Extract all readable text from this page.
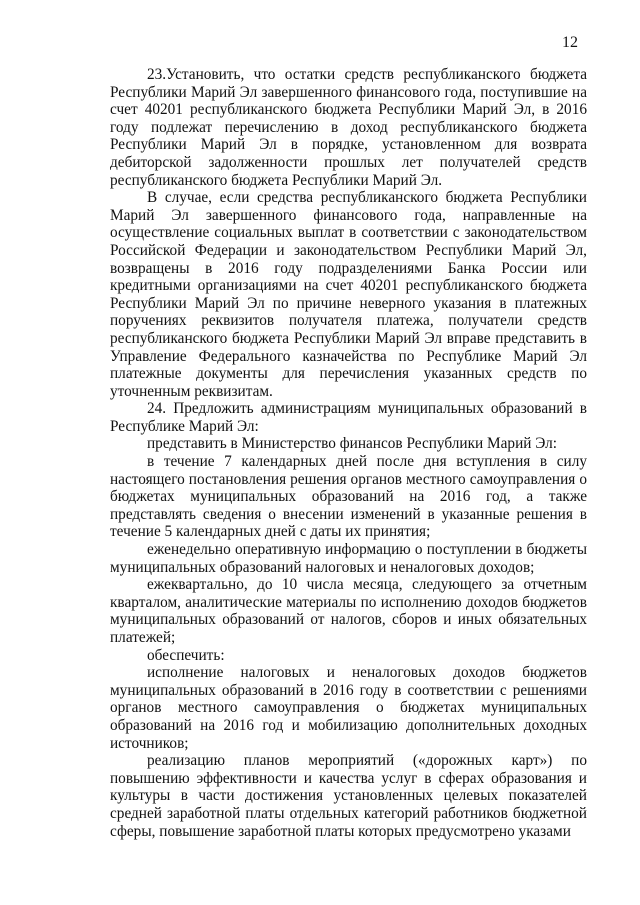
12

23.Установить, что остатки средств республиканского бюджета Республики Марий Эл завершенного финансового года, поступившие на счет 40201 республиканского бюджета Республики Марий Эл, в 2016 году подлежат перечислению в доход республиканского бюджета Республики Марий Эл в порядке, установленном для возврата дебиторской задолженности прошлых лет получателей средств республиканского бюджета Республики Марий Эл.

В случае, если средства республиканского бюджета Республики Марий Эл завершенного финансового года, направленные на осуществление социальных выплат в соответствии с законодательством Российской Федерации и законодательством Республики Марий Эл, возвращены в 2016 году подразделениями Банка России или кредитными организациями на счет 40201 республиканского бюджета Республики Марий Эл по причине неверного указания в платежных поручениях реквизитов получателя платежа, получатели средств республиканского бюджета Республики Марий Эл вправе представить в Управление Федерального казначейства по Республике Марий Эл платежные документы для перечисления указанных средств по уточненным реквизитам.

24. Предложить администрациям муниципальных образований в Республике Марий Эл:

представить в Министерство финансов Республики Марий Эл:

в течение 7 календарных дней после дня вступления в силу настоящего постановления решения органов местного самоуправления о бюджетах муниципальных образований на 2016 год, а также представлять сведения о внесении изменений в указанные решения в течение 5 календарных дней с даты их принятия;

еженедельно оперативную информацию о поступлении в бюджеты муниципальных образований налоговых и неналоговых доходов;

ежеквартально, до 10 числа месяца, следующего за отчетным кварталом, аналитические материалы по исполнению доходов бюджетов муниципальных образований от налогов, сборов и иных обязательных платежей;

обеспечить:

исполнение налоговых и неналоговых доходов бюджетов муниципальных образований в 2016 году в соответствии с решениями органов местного самоуправления о бюджетах муниципальных образований на 2016 год и мобилизацию дополнительных доходных источников;

реализацию планов мероприятий («дорожных карт») по повышению эффективности и качества услуг в сферах образования и культуры в части достижения установленных целевых показателей средней заработной платы отдельных категорий работников бюджетной сферы, повышение заработной платы которых предусмотрено указами
